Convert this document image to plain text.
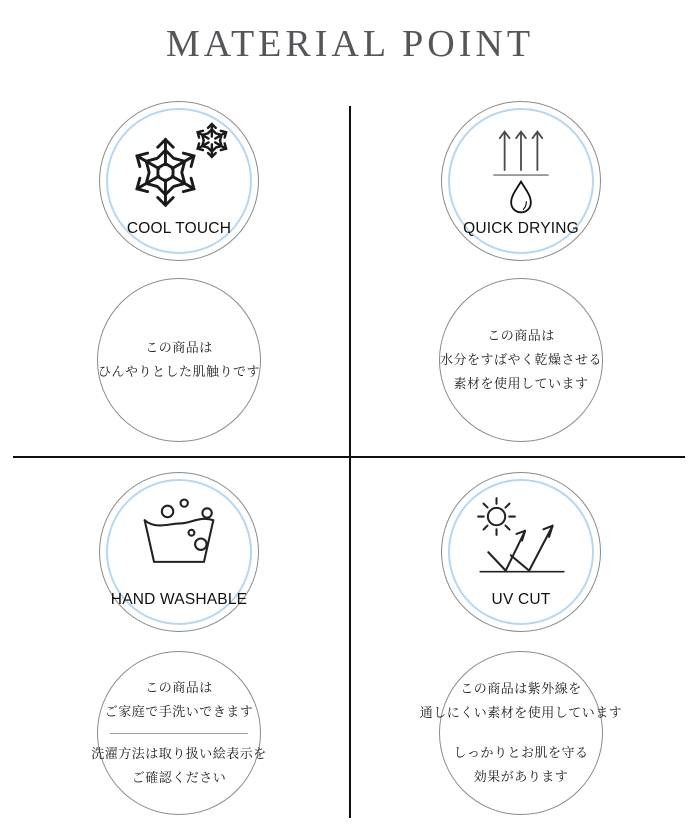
MATERIAL POINT
COOL TOUCH

この商品は

ひんやりとした肌触りです

QUICK DRYING

この商品は

水分をすばやく乾燥させる

素材を使用しています

HAND WASHABLE

この商品は

ご家庭で手洗いできます

洗濯方法は取り扱い絵表示を

ご確認ください

UV CUT

この商品は紫外線を

通しにくい素材を使用しています

しっかりとお肌を守る

効果があります
